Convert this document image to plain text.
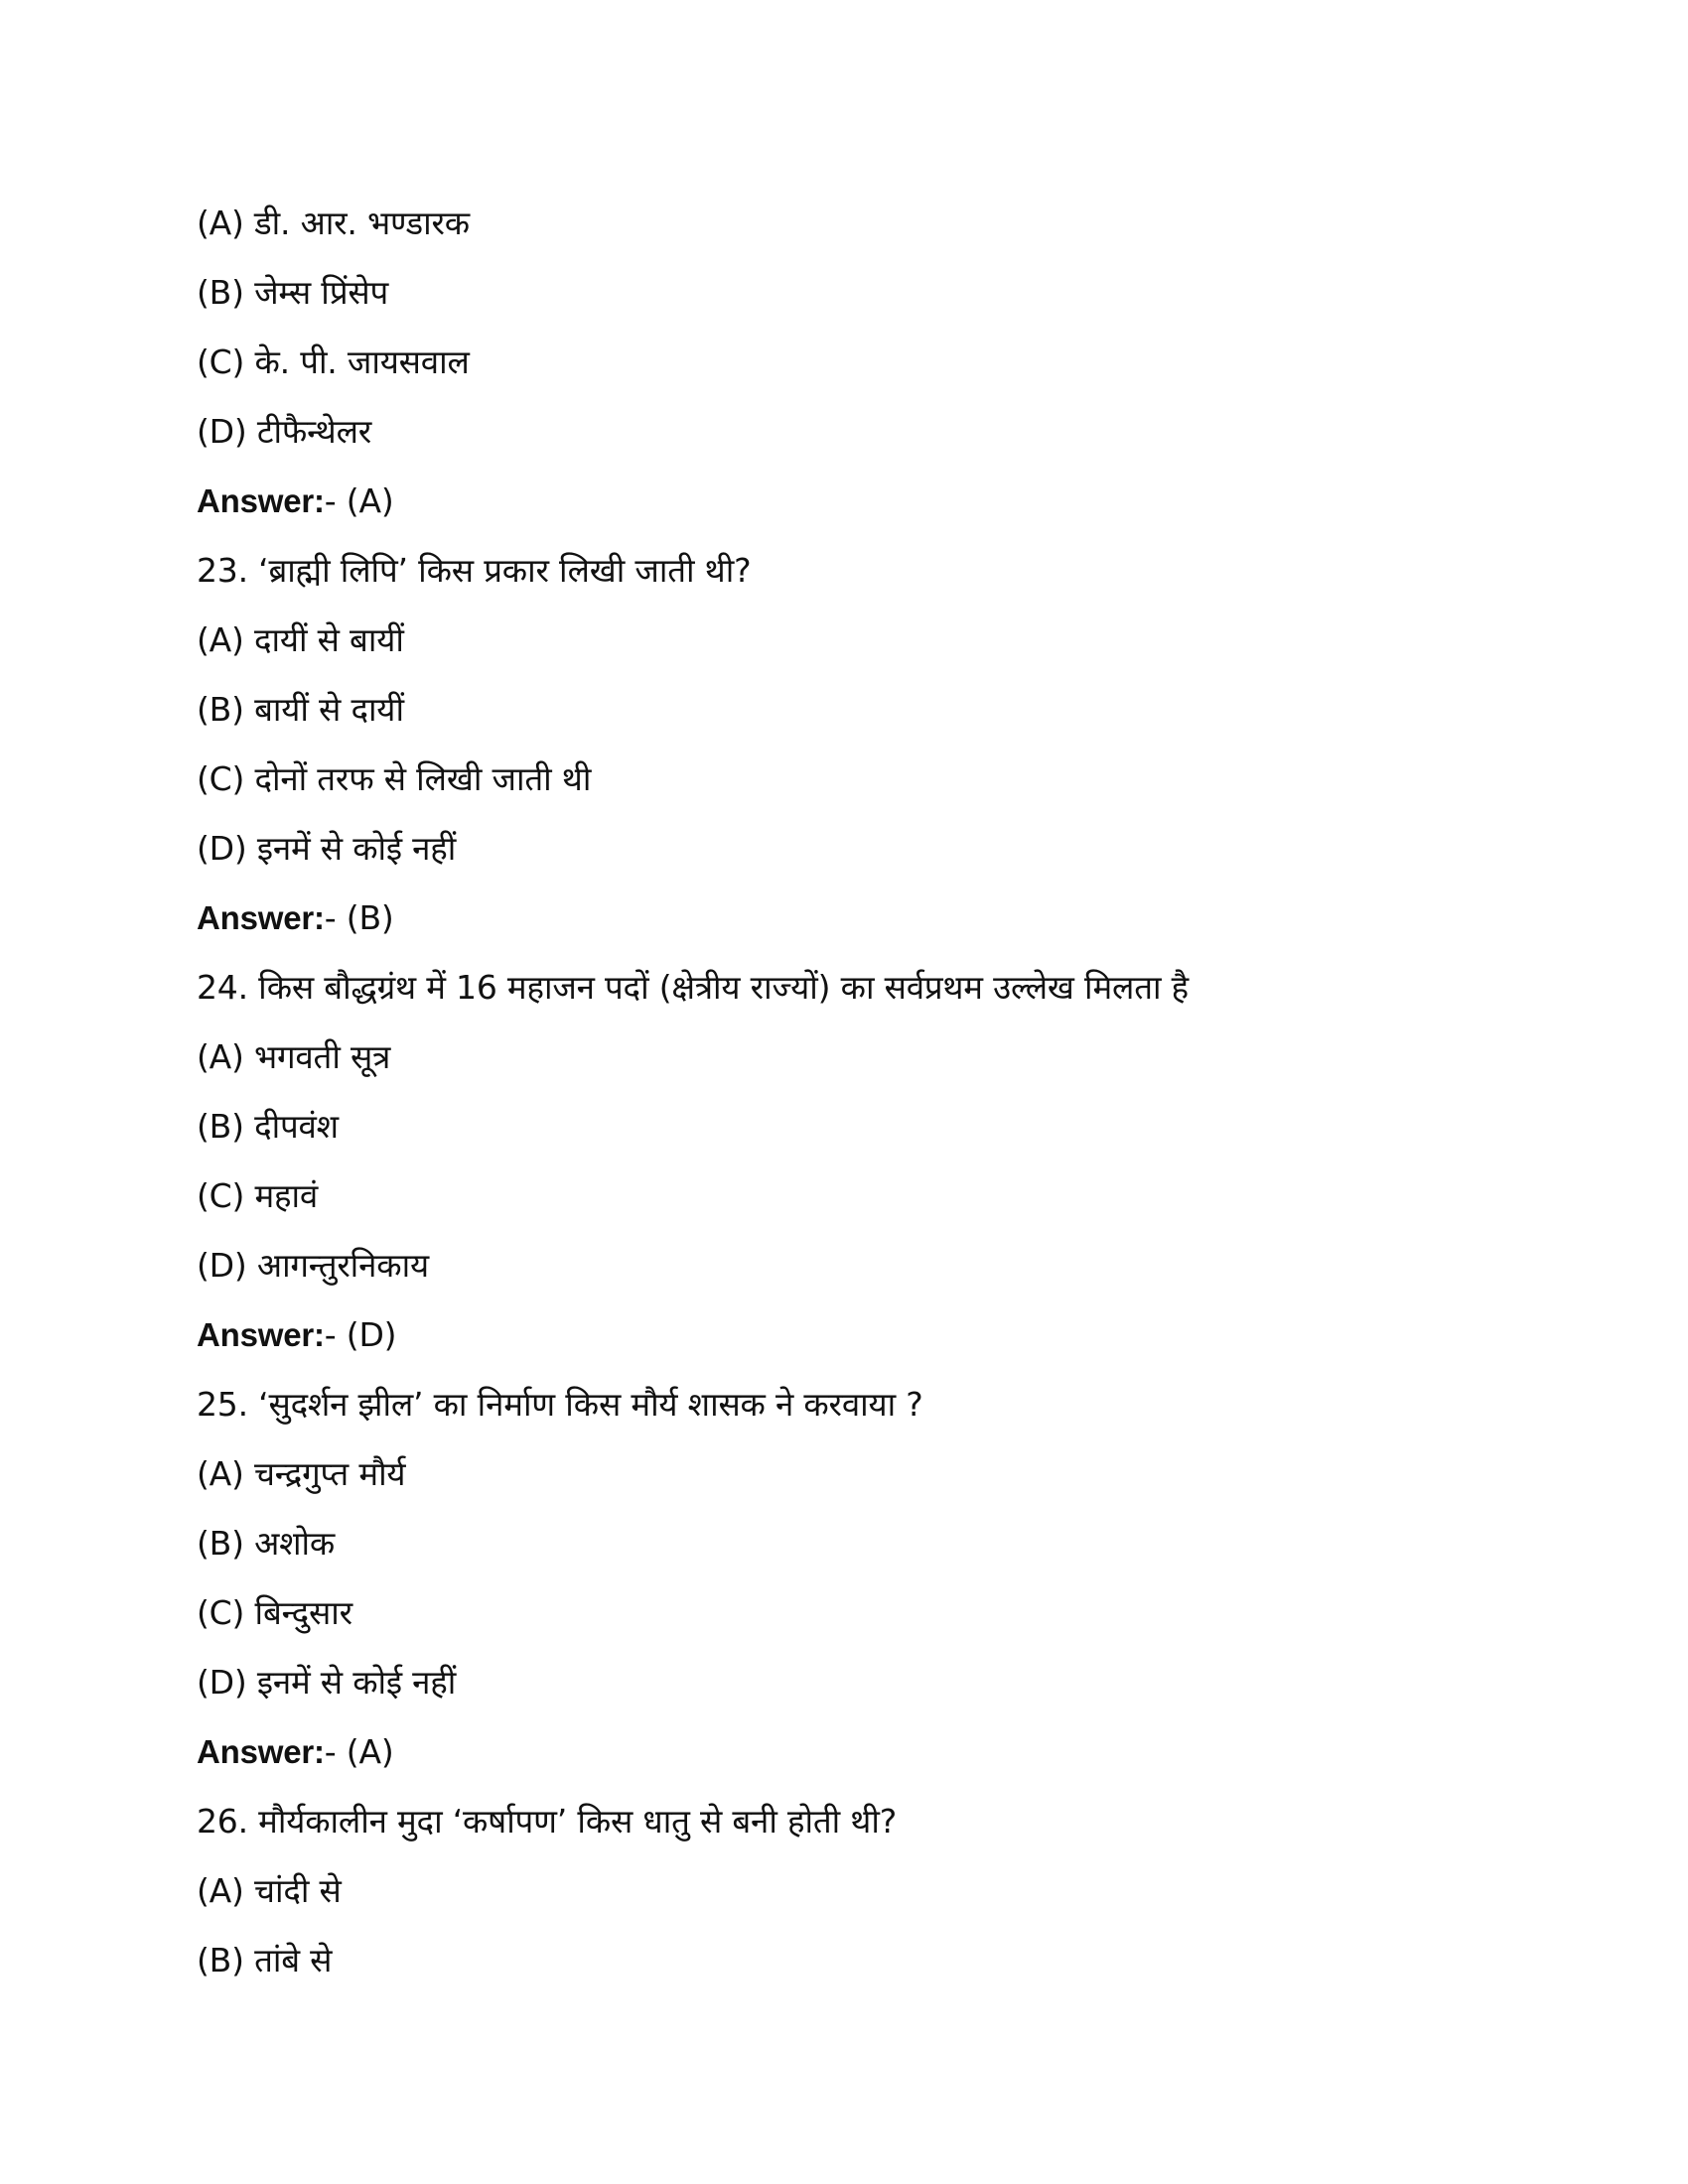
(A) डी. आर. भण्डारक
(B) जेम्स प्रिंसेप
(C) के. पी. जायसवाल
(D) टीफैन्थेलर
Answer:- (A)
23. ‘ब्राह्मी लिपि’ किस प्रकार लिखी जाती थी?
(A) दायीं से बायीं
(B) बायीं से दायीं
(C) दोनों तरफ से लिखी जाती थी
(D) इनमें से कोई नहीं
Answer:- (B)
24. किस बौद्धग्रंथ में 16 महाजन पदों (क्षेत्रीय राज्यों) का सर्वप्रथम उल्लेख मिलता है
(A) भगवती सूत्र
(B) दीपवंश
(C) महावं
(D) आगन्तुरनिकाय
Answer:- (D)
25. ‘सुदर्शन झील’ का निर्माण किस मौर्य शासक ने करवाया ?
(A) चन्द्रगुप्त मौर्य
(B) अशोक
(C) बिन्दुसार
(D) इनमें से कोई नहीं
Answer:- (A)
26. मौर्यकालीन मुदा ‘कर्षापण’ किस धातु से बनी होती थी?
(A) चांदी से
(B) तांबे से
